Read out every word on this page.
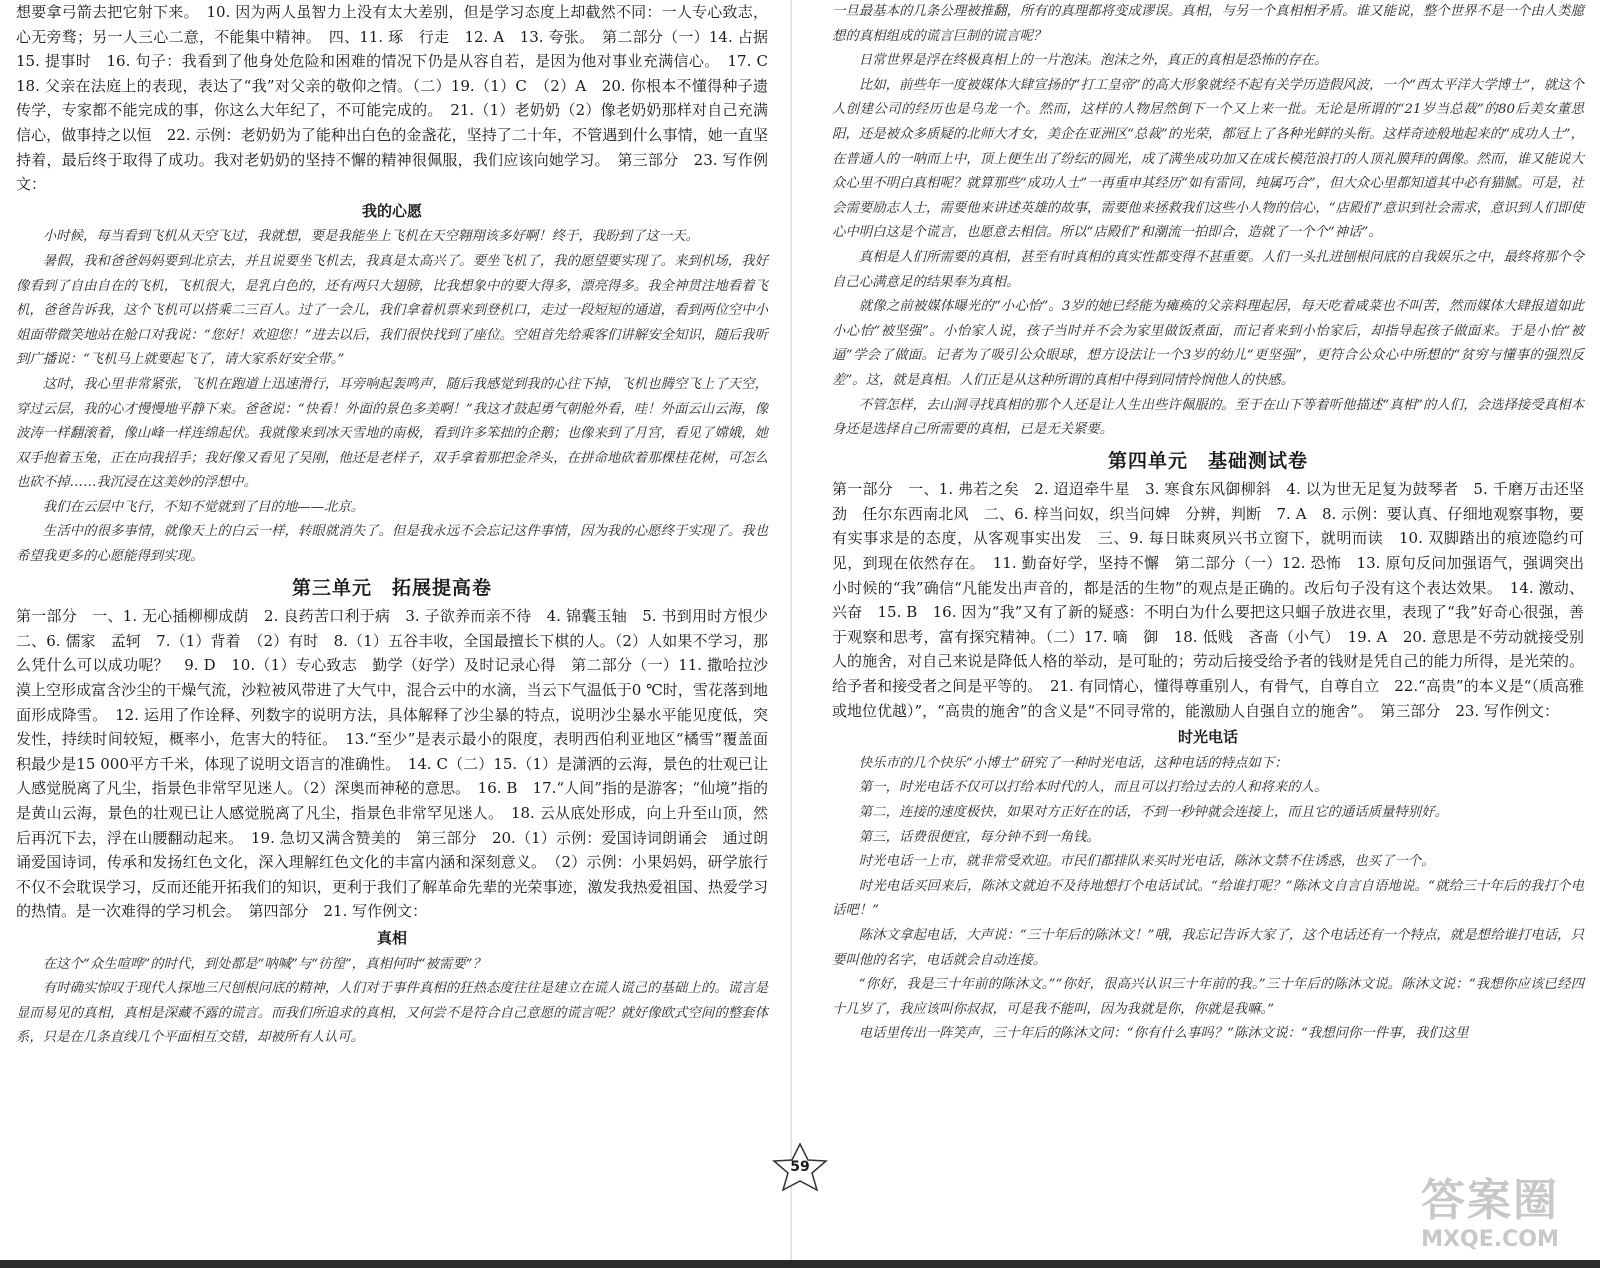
想要拿弓箭去把它射下来。　10. 因为两人虽智力上没有太大差别，但是学习态度上却截然不同：一人专心致志，心无旁骛；另一人三心二意，不能集中精神。　四、11. 琢　行走　12. A　13. 夸张。　第二部分（一）14. 占据　15. 提事时　16. 句子：我看到了他身处危险和困难的情况下仍是从容自若，是因为他对事业充满信心。　17. C　18. 父亲在法庭上的表现，表达了“我”对父亲的敬仰之情。（二）19.（1）C　（2）A　20. 你根本不懂得种子遗传学，专家都不能完成的事，你这么大年纪了，不可能完成的。　21.（1）老奶奶（2）像老奶奶那样对自己充满信心，做事持之以恒　22. 示例：老奶奶为了能种出白色的金盏花，坚持了二十年，不管遇到什么事情，她一直坚持着，最后终于取得了成功。我对老奶奶的坚持不懈的精神很佩服，我们应该向她学习。　第三部分　23. 写作例文：

我的心愿

小时候，每当看到飞机从天空飞过，我就想，要是我能坐上飞机在天空翱翔该多好啊！终于，我盼到了这一天。

暑假，我和爸爸妈妈要到北京去，并且说要坐飞机去，我真是太高兴了。要坐飞机了，我的愿望要实现了。来到机场，我好像看到了自由自在的飞机，飞机很大，是乳白色的，还有两只大翅膀，比我想象中的要大得多，漂亮得多。我全神贯注地看着飞机，爸爸告诉我，这个飞机可以搭乘二三百人。过了一会儿，我们拿着机票来到登机口，走过一段短短的通道，看到两位空中小姐面带微笑地站在舱口对我说：“您好！欢迎您！”进去以后，我们很快找到了座位。空姐首先给乘客们讲解安全知识，随后我听到广播说：“飞机马上就要起飞了，请大家系好安全带。”

这时，我心里非常紧张，飞机在跑道上迅速滑行，耳旁响起轰鸣声，随后我感觉到我的心往下掉，飞机也腾空飞上了天空，穿过云层，我的心才慢慢地平静下来。爸爸说：“快看！外面的景色多美啊！”我这才鼓起勇气朝舱外看，哇！外面云山云海，像波涛一样翻滚着，像山峰一样连绵起伏。我就像来到冰天雪地的南极，看到许多笨拙的企鹅；也像来到了月宫，看见了嫦娥，她双手抱着玉兔，正在向我招手；我好像又看见了吴刚，他还是老样子，双手拿着那把金斧头，在拼命地砍着那棵桂花树，可怎么也砍不掉……我沉浸在这美妙的浮想中。

我们在云层中飞行，不知不觉就到了目的地——北京。

生活中的很多事情，就像天上的白云一样，转眼就消失了。但是我永远不会忘记这件事情，因为我的心愿终于实现了。我也希望我更多的心愿能得到实现。

第三单元　拓展提高卷

第一部分　一、1. 无心插柳柳成荫　2. 良药苦口利于病　3. 子欲养而亲不待　4. 锦囊玉轴　5. 书到用时方恨少　二、6. 儒家　孟轲　7.（1）背着　（2）有时　8.（1）五谷丰收，全国最擅长下棋的人。（2）人如果不学习，那么凭什么可以成功呢？　9. D　10.（1）专心致志　勤学（好学）及时记录心得　第二部分（一）11. 撒哈拉沙漠上空形成富含沙尘的干燥气流，沙粒被风带进了大气中，混合云中的水滴，当云下气温低于0 ℃时，雪花落到地面形成降雪。　12. 运用了作诠释、列数字的说明方法，具体解释了沙尘暴的特点，说明沙尘暴水平能见度低，突发性，持续时间较短，概率小，危害大的特征。　13.“至少”是表示最小的限度，表明西伯利亚地区“橘雪”覆盖面积最少是15 000平方千米，体现了说明文语言的准确性。　14. C（二）15.（1）是潇洒的云海，景色的壮观已让人感觉脱离了凡尘，指景色非常罕见迷人。（2）深奥而神秘的意思。　16. B　17.“人间”指的是游客；“仙境”指的是黄山云海，景色的壮观已让人感觉脱离了凡尘，指景色非常罕见迷人。　18. 云从底处形成，向上升至山顶，然后再沉下去，浮在山腰翻动起来。　19. 急切又满含赞美的　第三部分　20.（1）示例：爱国诗词朗诵会　通过朗诵爱国诗词，传承和发扬红色文化，深入理解红色文化的丰富内涵和深刻意义。　（2）示例：小果妈妈，研学旅行不仅不会耽误学习，反而还能开拓我们的知识，更利于我们了解革命先辈的光荣事迹，激发我热爱祖国、热爱学习的热情。是一次难得的学习机会。　第四部分　21. 写作例文：

真相

在这个“众生喧哗”的时代，到处都是“呐喊”与“彷徨”，真相何时“被需要”？

有时确实惊叹于现代人探地三尺刨根问底的精神，人们对于事件真相的狂热态度往往是建立在谎人谎己的基础上的。谎言是显而易见的真相，真相是深藏不露的谎言。而我们所追求的真相，又何尝不是符合自己意愿的谎言呢？就好像欧式空间的整套体系，只是在几条直线几个平面相互交错，却被所有人认可。

一旦最基本的几条公理被推翻，所有的真理都将变成谬误。真相，与另一个真相相矛盾。谁又能说，整个世界不是一个由人类臆想的真相组成的谎言巨制的谎言呢？

日常世界是浮在终极真相上的一片泡沫。泡沫之外，真正的真相是恐怖的存在。

比如，前些年一度被媒体大肆宣扬的“打工皇帝”的高大形象就经不起有关学历造假风波，一个“西太平洋大学博士”，就这个人创建公司的经历也是乌龙一个。然而，这样的人物居然倒下一个又上来一批。无论是所谓的“21岁当总裁”的80后美女董思阳，还是被众多质疑的北师大才女，美企在亚洲区“总裁”的光荣，都冠上了各种光鲜的头衔。这样奇迹般地起来的“成功人士”，在普通人的一呐而上中，顶上便生出了纷纭的圆光，成了满坐成功加又在成长模范浪打的人顶礼膜拜的偶像。然而，谁又能说大众心里不明白真相呢？就算那些“成功人士”一再重申其经历“如有雷同，纯属巧合”，但大众心里都知道其中必有猫腻。可是，社会需要励志人士，需要他来讲述英雄的故事，需要他来拯救我们这些小人物的信心，“店殿们”意识到社会需求，意识到人们即使心中明白这是个谎言，也愿意去相信。所以“店殿们”和潮流一拍即合，造就了一个个“神话”。

真相是人们所需要的真相，甚至有时真相的真实性都变得不甚重要。人们一头扎进刨根问底的自我娱乐之中，最终将那个令自己心满意足的结果奉为真相。

就像之前被媒体曝光的“小心怡”。3岁的她已经能为瘫痪的父亲料理起居，每天吃着咸菜也不叫苦，然而媒体大肆报道如此小心怡“被坚强”。小怡家人说，孩子当时并不会为家里做饭煮面，而记者来到小怡家后，却指导起孩子做面来。于是小怡“被逼”学会了做面。记者为了吸引公众眼球，想方设法让一个3岁的幼儿“更坚强”，更符合公众心中所想的“贫穷与懂事的强烈反差”。这，就是真相。人们正是从这种所谓的真相中得到同情怜悯他人的快感。

不管怎样，去山洞寻找真相的那个人还是让人生出些许佩服的。至于在山下等着听他描述“真相”的人们，会选择接受真相本身还是选择自己所需要的真相，已是无关紧要。

第四单元　基础测试卷

第一部分　一、1. 弗若之矣　2. 迢迢牵牛星　3. 寒食东风御柳斜　4. 以为世无足复为鼓琴者　5. 千磨万击还坚劲　任尔东西南北风　二、6. 梓当问奴，织当问婢　分辨，判断　7. A　8. 示例：要认真、仔细地观察事物，要有实事求是的态度，从客观事实出发　三、9. 每日昧爽夙兴书立窗下，就明而读　10. 双脚踏出的痕迹隐约可见，到现在依然存在。　11. 勤奋好学，坚持不懈　第二部分（一）12. 恐怖　13. 原句反问加强语气，强调突出小时候的“我”确信“凡能发出声音的，都是活的生物”的观点是正确的。改后句子没有这个表达效果。　14. 激动、兴奋　15. B　16. 因为“我”又有了新的疑惑：不明白为什么要把这只蝈子放进衣里，表现了“我”好奇心很强，善于观察和思考，富有探究精神。（二）17. 嘀　御　18. 低贱　吝啬（小气）　19. A　20. 意思是不劳动就接受别人的施舍，对自己来说是降低人格的举动，是可耻的；劳动后接受给予者的钱财是凭自己的能力所得，是光荣的。给予者和接受者之间是平等的。　21. 有同情心，懂得尊重别人，有骨气，自尊自立　22.“高贵”的本义是“（质高雅或地位优越）”，“高贵的施舍”的含义是“不同寻常的，能激励人自强自立的施舍”。　第三部分　23. 写作例文：

时光电话

快乐市的几个快乐“小博士”研究了一种时光电话，这种电话的特点如下：

第一，时光电话不仅可以打给本时代的人，而且可以打给过去的人和将来的人。

第二，连接的速度极快，如果对方正好在的话，不到一秒钟就会连接上，而且它的通话质量特别好。

第三，话费很便宜，每分钟不到一角钱。

时光电话一上市，就非常受欢迎。市民们都排队来买时光电话，陈沐文禁不住诱惑，也买了一个。

时光电话买回来后，陈沐文就迫不及待地想打个电话试试。“给谁打呢？”陈沐文自言自语地说。“就给三十年后的我打个电话吧！”

陈沐文拿起电话，大声说：“三十年后的陈沐文！”哦，我忘记告诉大家了，这个电话还有一个特点，就是想给谁打电话，只要叫他的名字，电话就会自动连接。

“你好，我是三十年前的陈沐文。”“你好，很高兴认识三十年前的我。”三十年后的陈沐文说。陈沐文说：“我想你应该已经四十几岁了，我应该叫你叔叔，可是我不能叫，因为我就是你，你就是我嘛。”

电话里传出一阵笑声，三十年后的陈沐文问：“你有什么事吗？”陈沐文说：“我想问你一件事，我们这里

59
答案圈
MXQE.COM
